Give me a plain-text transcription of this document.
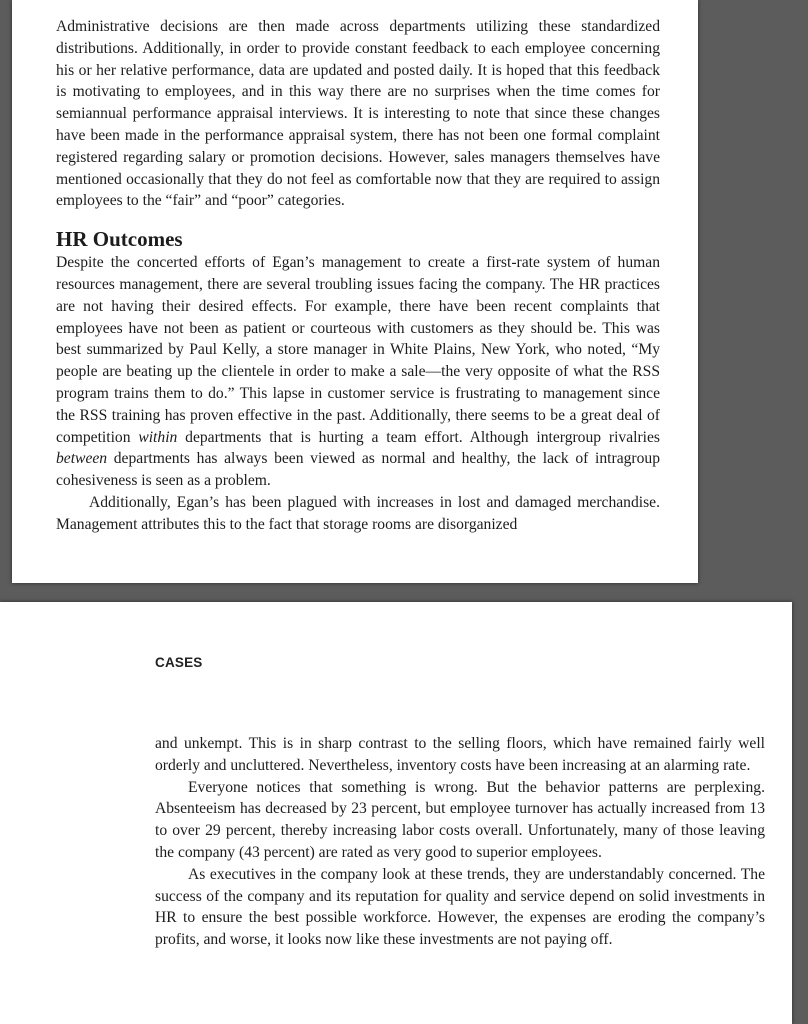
Administrative decisions are then made across departments utilizing these standardized distributions. Additionally, in order to provide constant feedback to each employee concerning his or her relative performance, data are updated and posted daily. It is hoped that this feedback is motivating to employees, and in this way there are no surprises when the time comes for semiannual performance appraisal interviews. It is interesting to note that since these changes have been made in the performance appraisal system, there has not been one formal complaint registered regarding salary or promotion decisions. However, sales managers themselves have mentioned occasionally that they do not feel as comfortable now that they are required to assign employees to the “fair” and “poor” categories.

HR Outcomes

Despite the concerted efforts of Egan’s management to create a first-rate system of human resources management, there are several troubling issues facing the company. The HR practices are not having their desired effects. For example, there have been recent complaints that employees have not been as patient or courteous with customers as they should be. This was best summarized by Paul Kelly, a store manager in White Plains, New York, who noted, “My people are beating up the clientele in order to make a sale—the very opposite of what the RSS program trains them to do.” This lapse in customer service is frustrating to management since the RSS training has proven effective in the past. Additionally, there seems to be a great deal of competition within departments that is hurting a team effort. Although intergroup rivalries between departments has always been viewed as normal and healthy, the lack of intragroup cohesiveness is seen as a problem.

Additionally, Egan’s has been plagued with increases in lost and damaged merchandise. Management attributes this to the fact that storage rooms are disorganized

CASES

and unkempt. This is in sharp contrast to the selling floors, which have remained fairly well orderly and uncluttered. Nevertheless, inventory costs have been increasing at an alarming rate.

Everyone notices that something is wrong. But the behavior patterns are perplexing. Absenteeism has decreased by 23 percent, but employee turnover has actually increased from 13 to over 29 percent, thereby increasing labor costs overall. Unfortunately, many of those leaving the company (43 percent) are rated as very good to superior employees.

As executives in the company look at these trends, they are understandably concerned. The success of the company and its reputation for quality and service depend on solid investments in HR to ensure the best possible workforce. However, the expenses are eroding the company’s profits, and worse, it looks now like these investments are not paying off.
